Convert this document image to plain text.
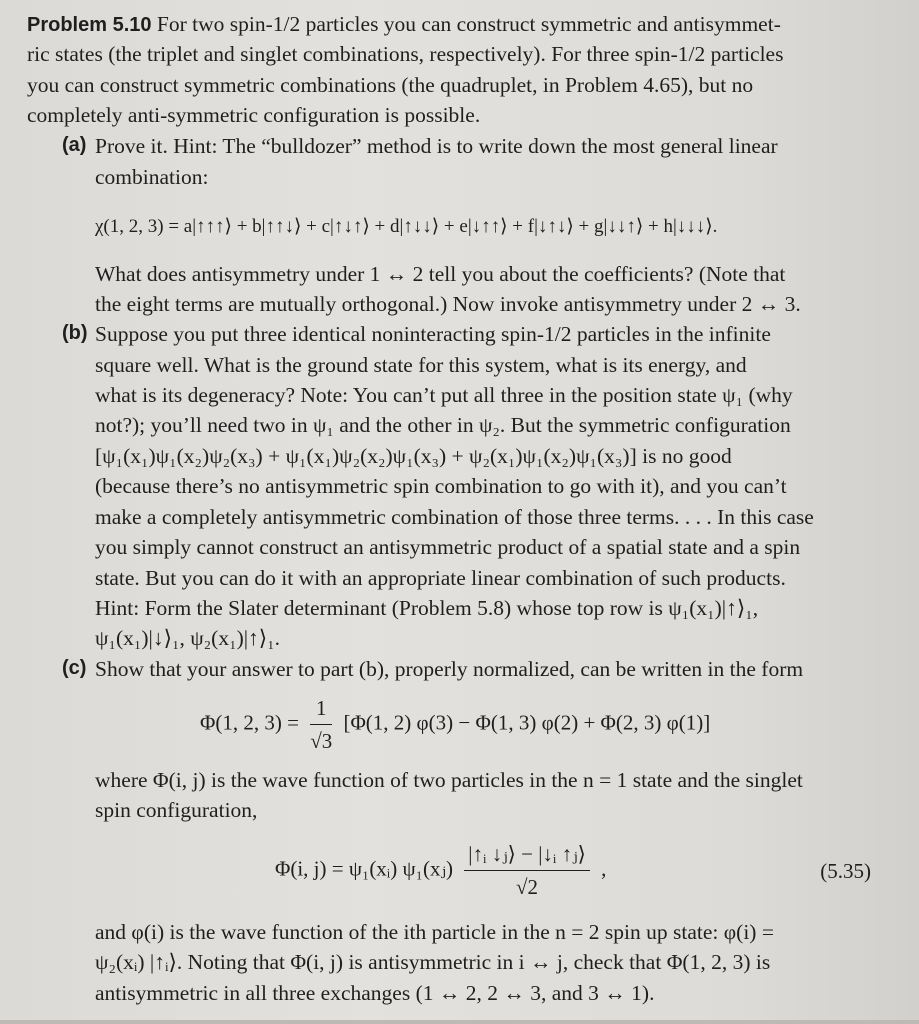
Problem 5.10 For two spin-1/2 particles you can construct symmetric and antisymmet-
ric states (the triplet and singlet combinations, respectively). For three spin-1/2 particles
you can construct symmetric combinations (the quadruplet, in Problem 4.65), but no
completely anti-symmetric configuration is possible.
(a) Prove it. Hint: The “bulldozer” method is to write down the most general linear
combination:
χ(1, 2, 3) = a|↑↑↑⟩ + b|↑↑↓⟩ + c|↑↓↑⟩ + d|↑↓↓⟩ + e|↓↑↑⟩ + f|↓↑↓⟩ + g|↓↓↑⟩ + h|↓↓↓⟩.
What does antisymmetry under 1 ↔ 2 tell you about the coefficients? (Note that
the eight terms are mutually orthogonal.) Now invoke antisymmetry under 2 ↔ 3.
(b) Suppose you put three identical noninteracting spin-1/2 particles in the infinite
square well. What is the ground state for this system, what is its energy, and
what is its degeneracy? Note: You can’t put all three in the position state ψ₁ (why
not?); you’ll need two in ψ₁ and the other in ψ₂. But the symmetric configuration
[ψ₁(x₁)ψ₁(x₂)ψ₂(x₃) + ψ₁(x₁)ψ₂(x₂)ψ₁(x₃) + ψ₂(x₁)ψ₁(x₂)ψ₁(x₃)] is no good
(because there’s no antisymmetric spin combination to go with it), and you can’t
make a completely antisymmetric combination of those three terms. . . . In this case
you simply cannot construct an antisymmetric product of a spatial state and a spin
state. But you can do it with an appropriate linear combination of such products.
Hint: Form the Slater determinant (Problem 5.8) whose top row is ψ₁(x₁)|↑⟩₁,
ψ₁(x₁)|↓⟩₁, ψ₂(x₁)|↑⟩₁.
(c) Show that your answer to part (b), properly normalized, can be written in the form
Φ(1, 2, $3) = \frac{1}{√3} [\Phi(1$, 2) φ(3) − Φ(1, 3) φ(2) + Φ(2, 3) φ(1)]
where Φ(i, j) is the wave function of two particles in the n = 1 state and the singlet
spin configuration,
Φ(i, j) = ψ₁(xᵢ) ψ₁(xⱼ) $\frac{\text{|↑ᵢ ↓ⱼ⟩ − |↓ᵢ ↑ⱼ⟩}}{√2}$ ,	(5.35)
and φ(i) is the wave function of the ith particle in the n = 2 spin up state: φ(i) =
ψ₂(xᵢ) |↑ᵢ⟩. Noting that Φ(i, j) is antisymmetric in i ↔ j, check that Φ(1, 2, 3) is
antisymmetric in all three exchanges (1 ↔ 2, 2 ↔ 3, and 3 ↔ 1).
